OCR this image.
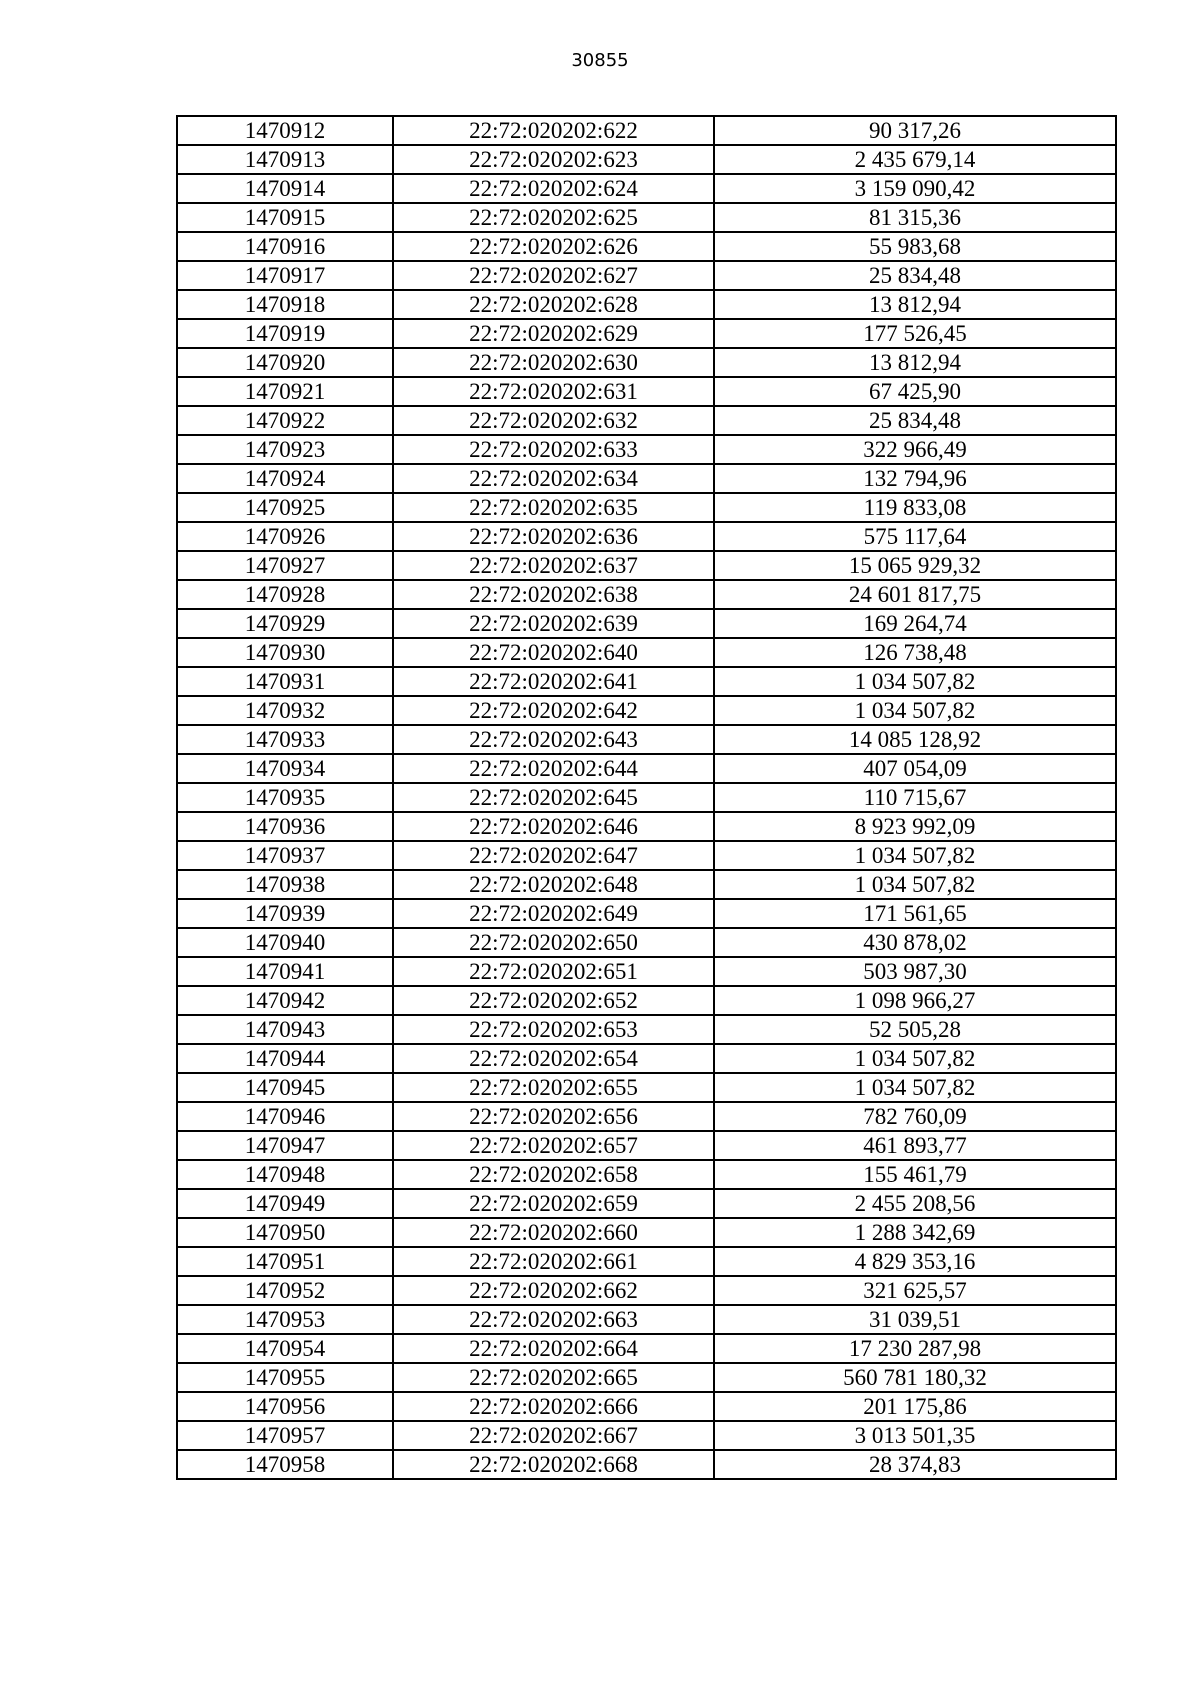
30855
1470912	22:72:020202:622	90 317,26
1470913	22:72:020202:623	2 435 679,14
1470914	22:72:020202:624	3 159 090,42
1470915	22:72:020202:625	81 315,36
1470916	22:72:020202:626	55 983,68
1470917	22:72:020202:627	25 834,48
1470918	22:72:020202:628	13 812,94
1470919	22:72:020202:629	177 526,45
1470920	22:72:020202:630	13 812,94
1470921	22:72:020202:631	67 425,90
1470922	22:72:020202:632	25 834,48
1470923	22:72:020202:633	322 966,49
1470924	22:72:020202:634	132 794,96
1470925	22:72:020202:635	119 833,08
1470926	22:72:020202:636	575 117,64
1470927	22:72:020202:637	15 065 929,32
1470928	22:72:020202:638	24 601 817,75
1470929	22:72:020202:639	169 264,74
1470930	22:72:020202:640	126 738,48
1470931	22:72:020202:641	1 034 507,82
1470932	22:72:020202:642	1 034 507,82
1470933	22:72:020202:643	14 085 128,92
1470934	22:72:020202:644	407 054,09
1470935	22:72:020202:645	110 715,67
1470936	22:72:020202:646	8 923 992,09
1470937	22:72:020202:647	1 034 507,82
1470938	22:72:020202:648	1 034 507,82
1470939	22:72:020202:649	171 561,65
1470940	22:72:020202:650	430 878,02
1470941	22:72:020202:651	503 987,30
1470942	22:72:020202:652	1 098 966,27
1470943	22:72:020202:653	52 505,28
1470944	22:72:020202:654	1 034 507,82
1470945	22:72:020202:655	1 034 507,82
1470946	22:72:020202:656	782 760,09
1470947	22:72:020202:657	461 893,77
1470948	22:72:020202:658	155 461,79
1470949	22:72:020202:659	2 455 208,56
1470950	22:72:020202:660	1 288 342,69
1470951	22:72:020202:661	4 829 353,16
1470952	22:72:020202:662	321 625,57
1470953	22:72:020202:663	31 039,51
1470954	22:72:020202:664	17 230 287,98
1470955	22:72:020202:665	560 781 180,32
1470956	22:72:020202:666	201 175,86
1470957	22:72:020202:667	3 013 501,35
1470958	22:72:020202:668	28 374,83
